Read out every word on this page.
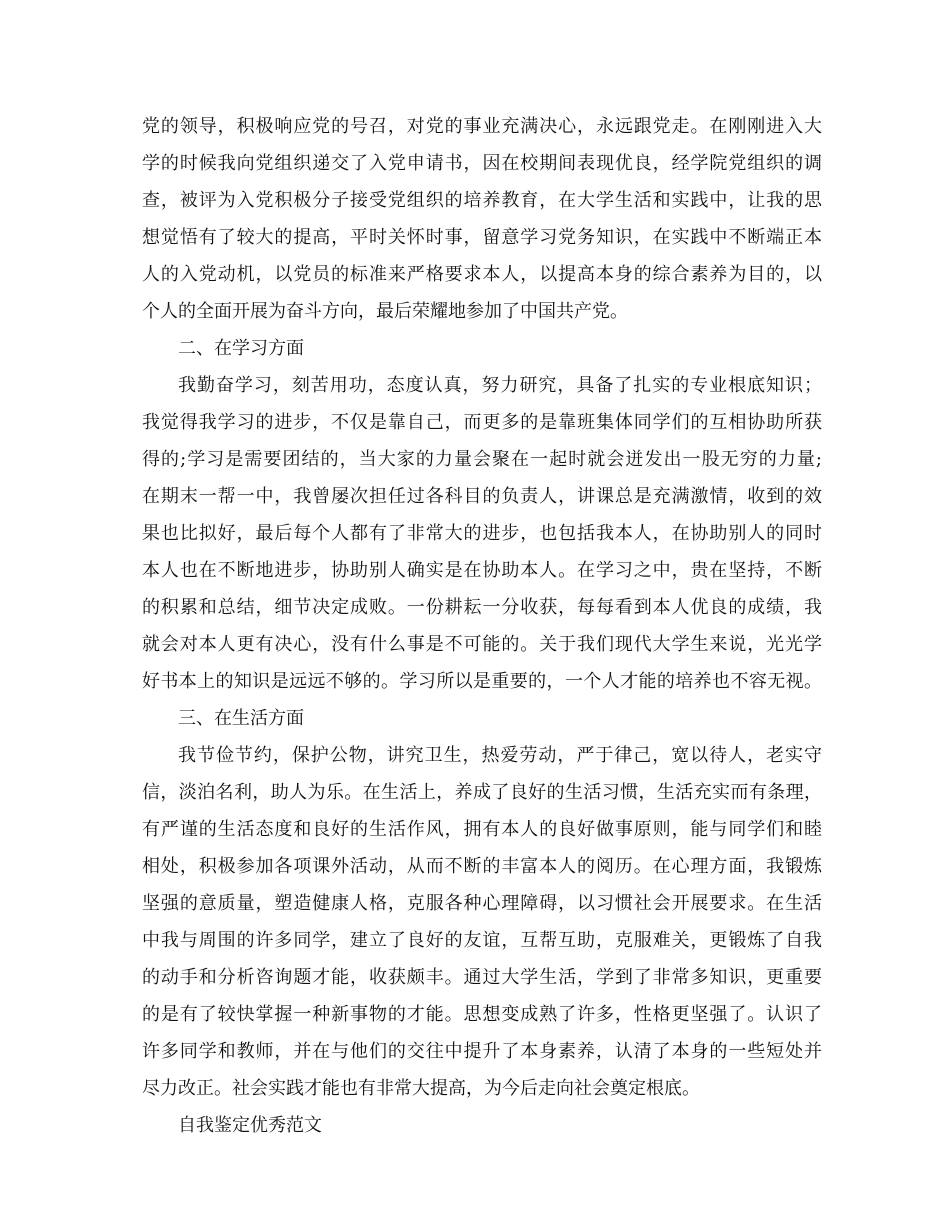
党的领导，积极响应党的号召，对党的事业充满决心，永远跟党走。在刚刚进入大
学的时候我向党组织递交了入党申请书，因在校期间表现优良，经学院党组织的调
查，被评为入党积极分子接受党组织的培养教育，在大学生活和实践中，让我的思
想觉悟有了较大的提高，平时关怀时事，留意学习党务知识，在实践中不断端正本
人的入党动机，以党员的标准来严格要求本人，以提高本身的综合素养为目的，以
个人的全面开展为奋斗方向，最后荣耀地参加了中国共产党。
二、在学习方面
我勤奋学习，刻苦用功，态度认真，努力研究，具备了扎实的专业根底知识；
我觉得我学习的进步，不仅是靠自己，而更多的是靠班集体同学们的互相协助所获
得的;学习是需要团结的，当大家的力量会聚在一起时就会迸发出一股无穷的力量;
在期末一帮一中，我曾屡次担任过各科目的负责人，讲课总是充满激情，收到的效
果也比拟好，最后每个人都有了非常大的进步，也包括我本人，在协助别人的同时
本人也在不断地进步，协助别人确实是在协助本人。在学习之中，贵在坚持，不断
的积累和总结，细节决定成败。一份耕耘一分收获，每每看到本人优良的成绩，我
就会对本人更有决心，没有什么事是不可能的。关于我们现代大学生来说，光光学
好书本上的知识是远远不够的。学习所以是重要的，一个人才能的培养也不容无视。
三、在生活方面
我节俭节约，保护公物，讲究卫生，热爱劳动，严于律己，宽以待人，老实守
信，淡泊名利，助人为乐。在生活上，养成了良好的生活习惯，生活充实而有条理，
有严谨的生活态度和良好的生活作风，拥有本人的良好做事原则，能与同学们和睦
相处，积极参加各项课外活动，从而不断的丰富本人的阅历。在心理方面，我锻炼
坚强的意质量，塑造健康人格，克服各种心理障碍，以习惯社会开展要求。在生活
中我与周围的许多同学，建立了良好的友谊，互帮互助，克服难关，更锻炼了自我
的动手和分析咨询题才能，收获颇丰。通过大学生活，学到了非常多知识，更重要
的是有了较快掌握一种新事物的才能。思想变成熟了许多，性格更坚强了。认识了
许多同学和教师，并在与他们的交往中提升了本身素养，认清了本身的一些短处并
尽力改正。社会实践才能也有非常大提高，为今后走向社会奠定根底。
自我鉴定优秀范文
